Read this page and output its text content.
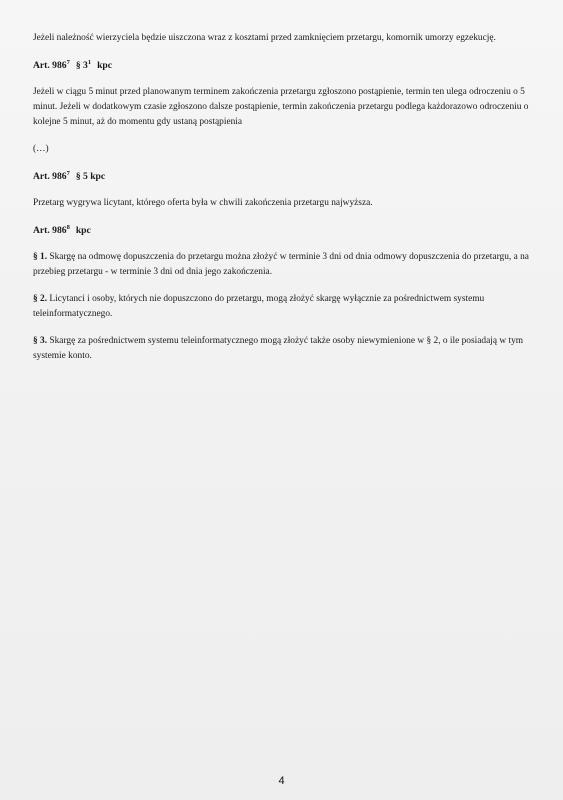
Jeżeli należność wierzyciela będzie uiszczona wraz z kosztami przed zamknięciem przetargu, komornik umorzy egzekucję.

Art. $986^7$ § $3^1$ kpc

Jeżeli w ciągu 5 minut przed planowanym terminem zakończenia przetargu zgłoszono postąpienie, termin ten ulega odroczeniu o 5 minut. Jeżeli w dodatkowym czasie zgłoszono dalsze postąpienie, termin zakończenia przetargu podlega każdorazowo odroczeniu o kolejne 5 minut, aż do momentu gdy ustaną postąpienia

(…)

Art. $986^7$ § 5 kpc

Przetarg wygrywa licytant, którego oferta była w chwili zakończenia przetargu najwyższa.

Art. $986^8$ kpc

§ 1. Skargę na odmowę dopuszczenia do przetargu można złożyć w terminie 3 dni od dnia odmowy dopuszczenia do przetargu, a na przebieg przetargu - w terminie 3 dni od dnia jego zakończenia.

§ 2. Licytanci i osoby, których nie dopuszczono do przetargu, mogą złożyć skargę wyłącznie za pośrednictwem systemu teleinformatycznego.

§ 3. Skargę za pośrednictwem systemu teleinformatycznego mogą złożyć także osoby niewymienione w § 2, o ile posiadają w tym systemie konto.

4
